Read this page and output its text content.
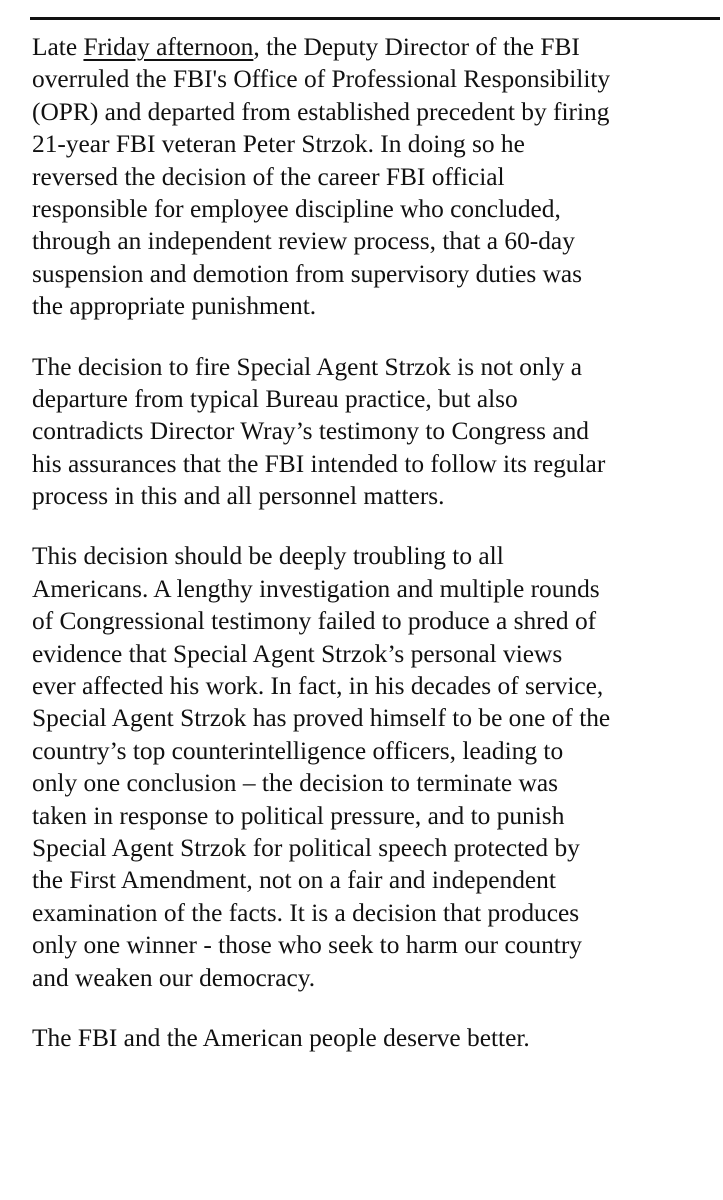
Late Friday afternoon, the Deputy Director of the FBI
overruled the FBI's Office of Professional Responsibility
(OPR) and departed from established precedent by firing
21-year FBI veteran Peter Strzok. In doing so he
reversed the decision of the career FBI official
responsible for employee discipline who concluded,
through an independent review process, that a 60-day
suspension and demotion from supervisory duties was
the appropriate punishment.

The decision to fire Special Agent Strzok is not only a
departure from typical Bureau practice, but also
contradicts Director Wray’s testimony to Congress and
his assurances that the FBI intended to follow its regular
process in this and all personnel matters.

This decision should be deeply troubling to all
Americans. A lengthy investigation and multiple rounds
of Congressional testimony failed to produce a shred of
evidence that Special Agent Strzok’s personal views
ever affected his work. In fact, in his decades of service,
Special Agent Strzok has proved himself to be one of the
country’s top counterintelligence officers, leading to
only one conclusion – the decision to terminate was
taken in response to political pressure, and to punish
Special Agent Strzok for political speech protected by
the First Amendment, not on a fair and independent
examination of the facts. It is a decision that produces
only one winner - those who seek to harm our country
and weaken our democracy.

The FBI and the American people deserve better.
